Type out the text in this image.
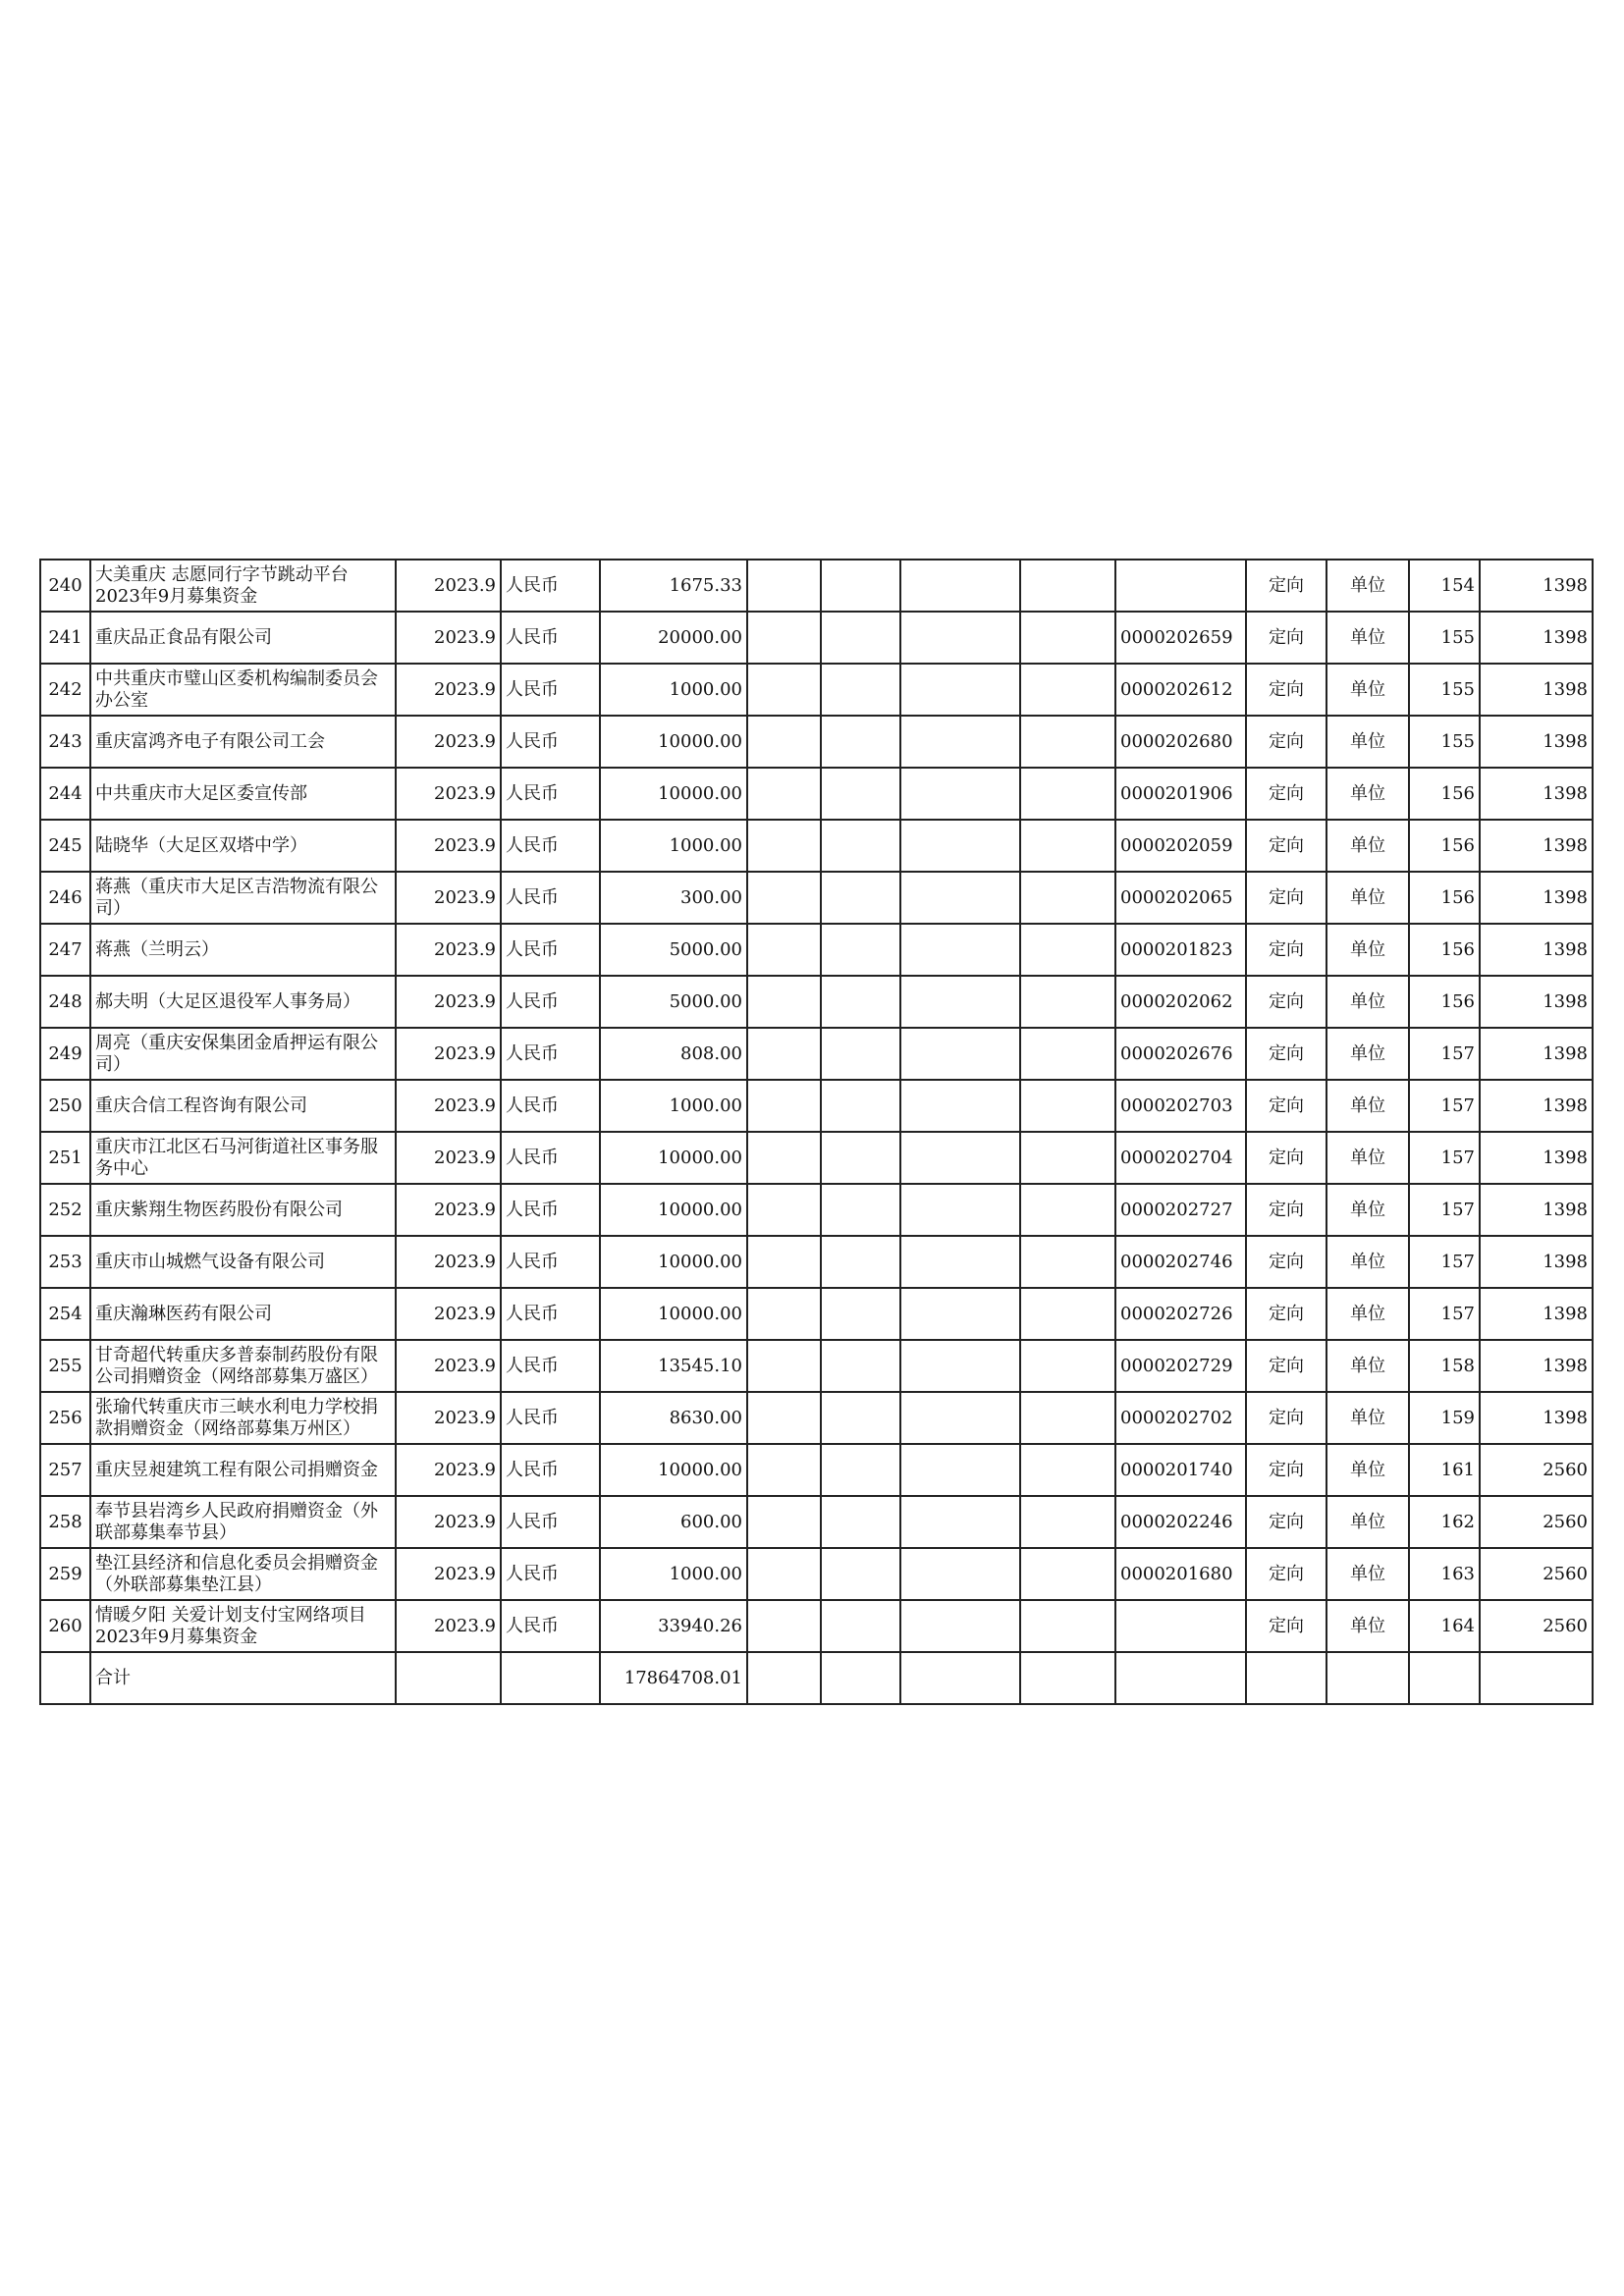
240	大美重庆 志愿同行字节跳动平台2023年9月募集资金	2023.9	人民币	1675.33						定向	单位	154	1398
241	重庆品正食品有限公司	2023.9	人民币	20000.00					0000202659	定向	单位	155	1398
242	中共重庆市璧山区委机构编制委员会办公室	2023.9	人民币	1000.00					0000202612	定向	单位	155	1398
243	重庆富鸿齐电子有限公司工会	2023.9	人民币	10000.00					0000202680	定向	单位	155	1398
244	中共重庆市大足区委宣传部	2023.9	人民币	10000.00					0000201906	定向	单位	156	1398
245	陆晓华（大足区双塔中学）	2023.9	人民币	1000.00					0000202059	定向	单位	156	1398
246	蒋燕（重庆市大足区吉浩物流有限公司）	2023.9	人民币	300.00					0000202065	定向	单位	156	1398
247	蒋燕（兰明云）	2023.9	人民币	5000.00					0000201823	定向	单位	156	1398
248	郝夫明（大足区退役军人事务局）	2023.9	人民币	5000.00					0000202062	定向	单位	156	1398
249	周亮（重庆安保集团金盾押运有限公司）	2023.9	人民币	808.00					0000202676	定向	单位	157	1398
250	重庆合信工程咨询有限公司	2023.9	人民币	1000.00					0000202703	定向	单位	157	1398
251	重庆市江北区石马河街道社区事务服务中心	2023.9	人民币	10000.00					0000202704	定向	单位	157	1398
252	重庆紫翔生物医药股份有限公司	2023.9	人民币	10000.00					0000202727	定向	单位	157	1398
253	重庆市山城燃气设备有限公司	2023.9	人民币	10000.00					0000202746	定向	单位	157	1398
254	重庆瀚琳医药有限公司	2023.9	人民币	10000.00					0000202726	定向	单位	157	1398
255	甘奇超代转重庆多普泰制药股份有限公司捐赠资金（网络部募集万盛区）	2023.9	人民币	13545.10					0000202729	定向	单位	158	1398
256	张瑜代转重庆市三峡水利电力学校捐款捐赠资金（网络部募集万州区）	2023.9	人民币	8630.00					0000202702	定向	单位	159	1398
257	重庆昱昶建筑工程有限公司捐赠资金	2023.9	人民币	10000.00					0000201740	定向	单位	161	2560
258	奉节县岩湾乡人民政府捐赠资金（外联部募集奉节县）	2023.9	人民币	600.00					0000202246	定向	单位	162	2560
259	垫江县经济和信息化委员会捐赠资金（外联部募集垫江县）	2023.9	人民币	1000.00					0000201680	定向	单位	163	2560
260	情暖夕阳 关爱计划支付宝网络项目2023年9月募集资金	2023.9	人民币	33940.26						定向	单位	164	2560
	合计			17864708.01									
